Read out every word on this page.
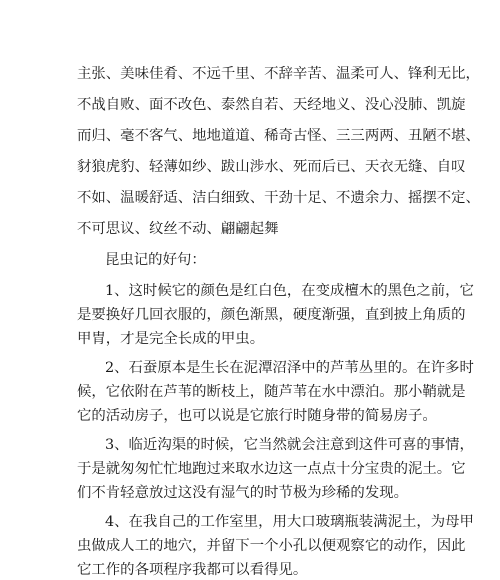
主张、美味佳肴、不远千里、不辞辛苦、温柔可人、锋利无比，
不战自败、面不改色、泰然自若、天经地义、没心没肺、凯旋
而归、毫不客气、地地道道、稀奇古怪、三三两两、丑陋不堪、
豺狼虎豹、轻薄如纱、跋山涉水、死而后已、天衣无缝、自叹
不如、温暖舒适、洁白细致、干劲十足、不遗余力、摇摆不定、
不可思议、纹丝不动、翩翩起舞
昆虫记的好句：
1、这时候它的颜色是红白色，在变成檀木的黑色之前，它
是要换好几回衣服的，颜色渐黑，硬度渐强，直到披上角质的
甲胄，才是完全长成的甲虫。
2、石蚕原本是生长在泥潭沼泽中的芦苇丛里的。在许多时
候，它依附在芦苇的断枝上，随芦苇在水中漂泊。那小鞘就是
它的活动房子，也可以说是它旅行时随身带的简易房子。
3、临近沟渠的时候，它当然就会注意到这件可喜的事情，
于是就匆匆忙忙地跑过来取水边这一点点十分宝贵的泥土。它
们不肯轻意放过这没有湿气的时节极为珍稀的发现。
4、在我自己的工作室里，用大口玻璃瓶装满泥土，为母甲
虫做成人工的地穴，并留下一个小孔以便观察它的动作，因此
它工作的各项程序我都可以看得见。
